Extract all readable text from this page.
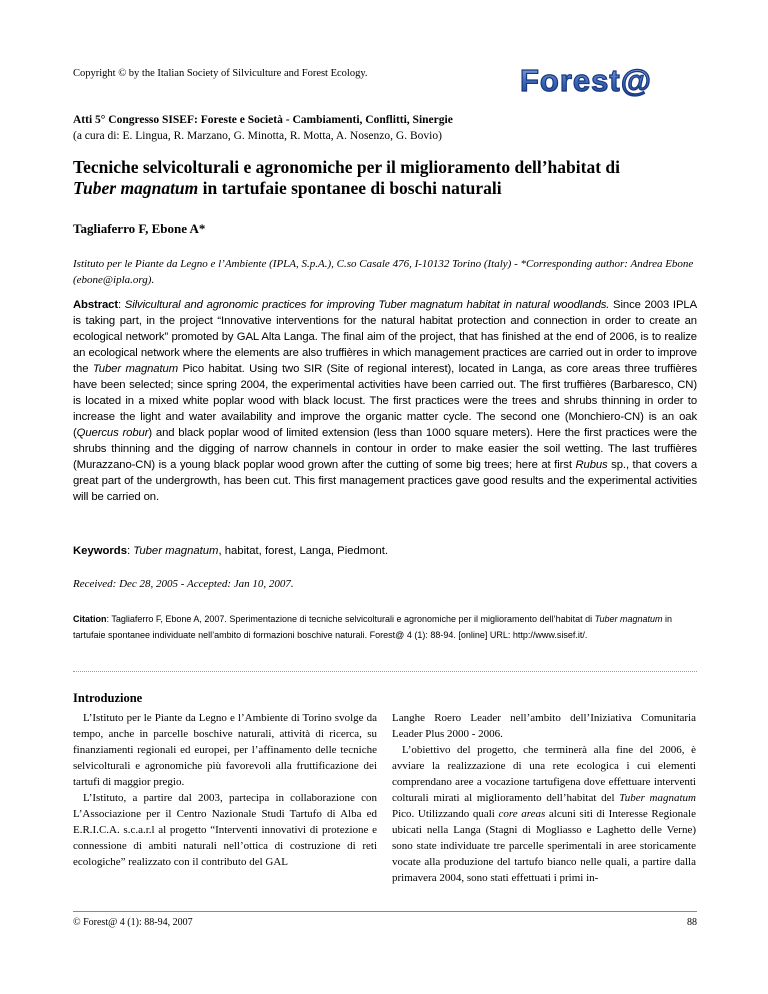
Copyright © by the Italian Society of Silviculture and Forest Ecology.	Forest@
Atti 5° Congresso SISEF: Foreste e Società - Cambiamenti, Conflitti, Sinergie
(a cura di: E. Lingua, R. Marzano, G. Minotta, R. Motta, A. Nosenzo, G. Bovio)
Tecniche selvicolturali e agronomiche per il miglioramento dell’habitat di
Tuber magnatum in tartufaie spontanee di boschi naturali
Tagliaferro F, Ebone A*
Istituto per le Piante da Legno e l’Ambiente (IPLA, S.p.A.), C.so Casale 476, I-10132 Torino (Italy) - *Corresponding author: Andrea Ebone (ebone@ipla.org).
Abstract: Silvicultural and agronomic practices for improving Tuber magnatum habitat in natural woodlands. Since 2003 IPLA is taking part, in the project “Innovative interventions for the natural habitat protection and connection in order to create an ecological network” promoted by GAL Alta Langa. The final aim of the project, that has finished at the end of 2006, is to realize an ecological network where the elements are also truffières in which management practices are carried out in order to improve the Tuber magnatum Pico habitat. Using two SIR (Site of regional interest), located in Langa, as core areas three truffières have been selected; since spring 2004, the experimental activities have been carried out. The first truffières (Barbaresco, CN) is located in a mixed white poplar wood with black locust. The first practices were the trees and shrubs thinning in order to increase the light and water availability and improve the organic matter cycle. The second one (Monchiero-CN) is an oak (Quercus robur) and black poplar wood of limited extension (less than 1000 square meters). Here the first practices were the shrubs thinning and the digging of narrow channels in contour in order to make easier the soil wetting. The last truffières (Murazzano-CN) is a young black poplar wood grown after the cutting of some big trees; here at first Rubus sp., that covers a great part of the undergrowth, has been cut. This first management practices gave good results and the experimental activities will be carried on.
Keywords: Tuber magnatum, habitat, forest, Langa, Piedmont.
Received: Dec 28, 2005 - Accepted: Jan 10, 2007.
Citation: Tagliaferro F, Ebone A, 2007. Sperimentazione di tecniche selvicolturali e agronomiche per il miglioramento dell’habitat di Tuber magnatum in tartufaie spontanee individuate nell’ambito di formazioni boschive naturali. Forest@ 4 (1): 88-94. [online] URL: http://www.sisef.it/.
Introduzione

L’Istituto per le Piante da Legno e l’Ambiente di Torino svolge da tempo, anche in parcelle boschive naturali, attività di ricerca, su finanziamenti regionali ed europei, per l’affinamento delle tecniche selvicolturali e agronomiche più favorevoli alla fruttificazione dei tartufi di maggior pregio.

L’Istituto, a partire dal 2003, partecipa in collaborazione con L’Associazione per il Centro Nazionale Studi Tartufo di Alba ed E.R.I.C.A. s.c.a.r.l al progetto “Interventi innovativi di protezione e connessione di ambiti naturali nell’ottica di costruzione di reti ecologiche” realizzato con il contributo del GAL

Langhe Roero Leader nell’ambito dell’Iniziativa Comunitaria Leader Plus 2000 - 2006.

L’obiettivo del progetto, che terminerà alla fine del 2006, è avviare la realizzazione di una rete ecologica i cui elementi comprendano aree a vocazione tartufigena dove effettuare interventi colturali mirati al miglioramento dell’habitat del Tuber magnatum Pico. Utilizzando quali core areas alcuni siti di Interesse Regionale ubicati nella Langa (Stagni di Mogliasso e Laghetto delle Verne) sono state individuate tre parcelle sperimentali in aree storicamente vocate alla produzione del tartufo bianco nelle quali, a partire dalla primavera 2004, sono stati effettuati i primi in-

© Forest@ 4 (1): 88-94, 2007	88
